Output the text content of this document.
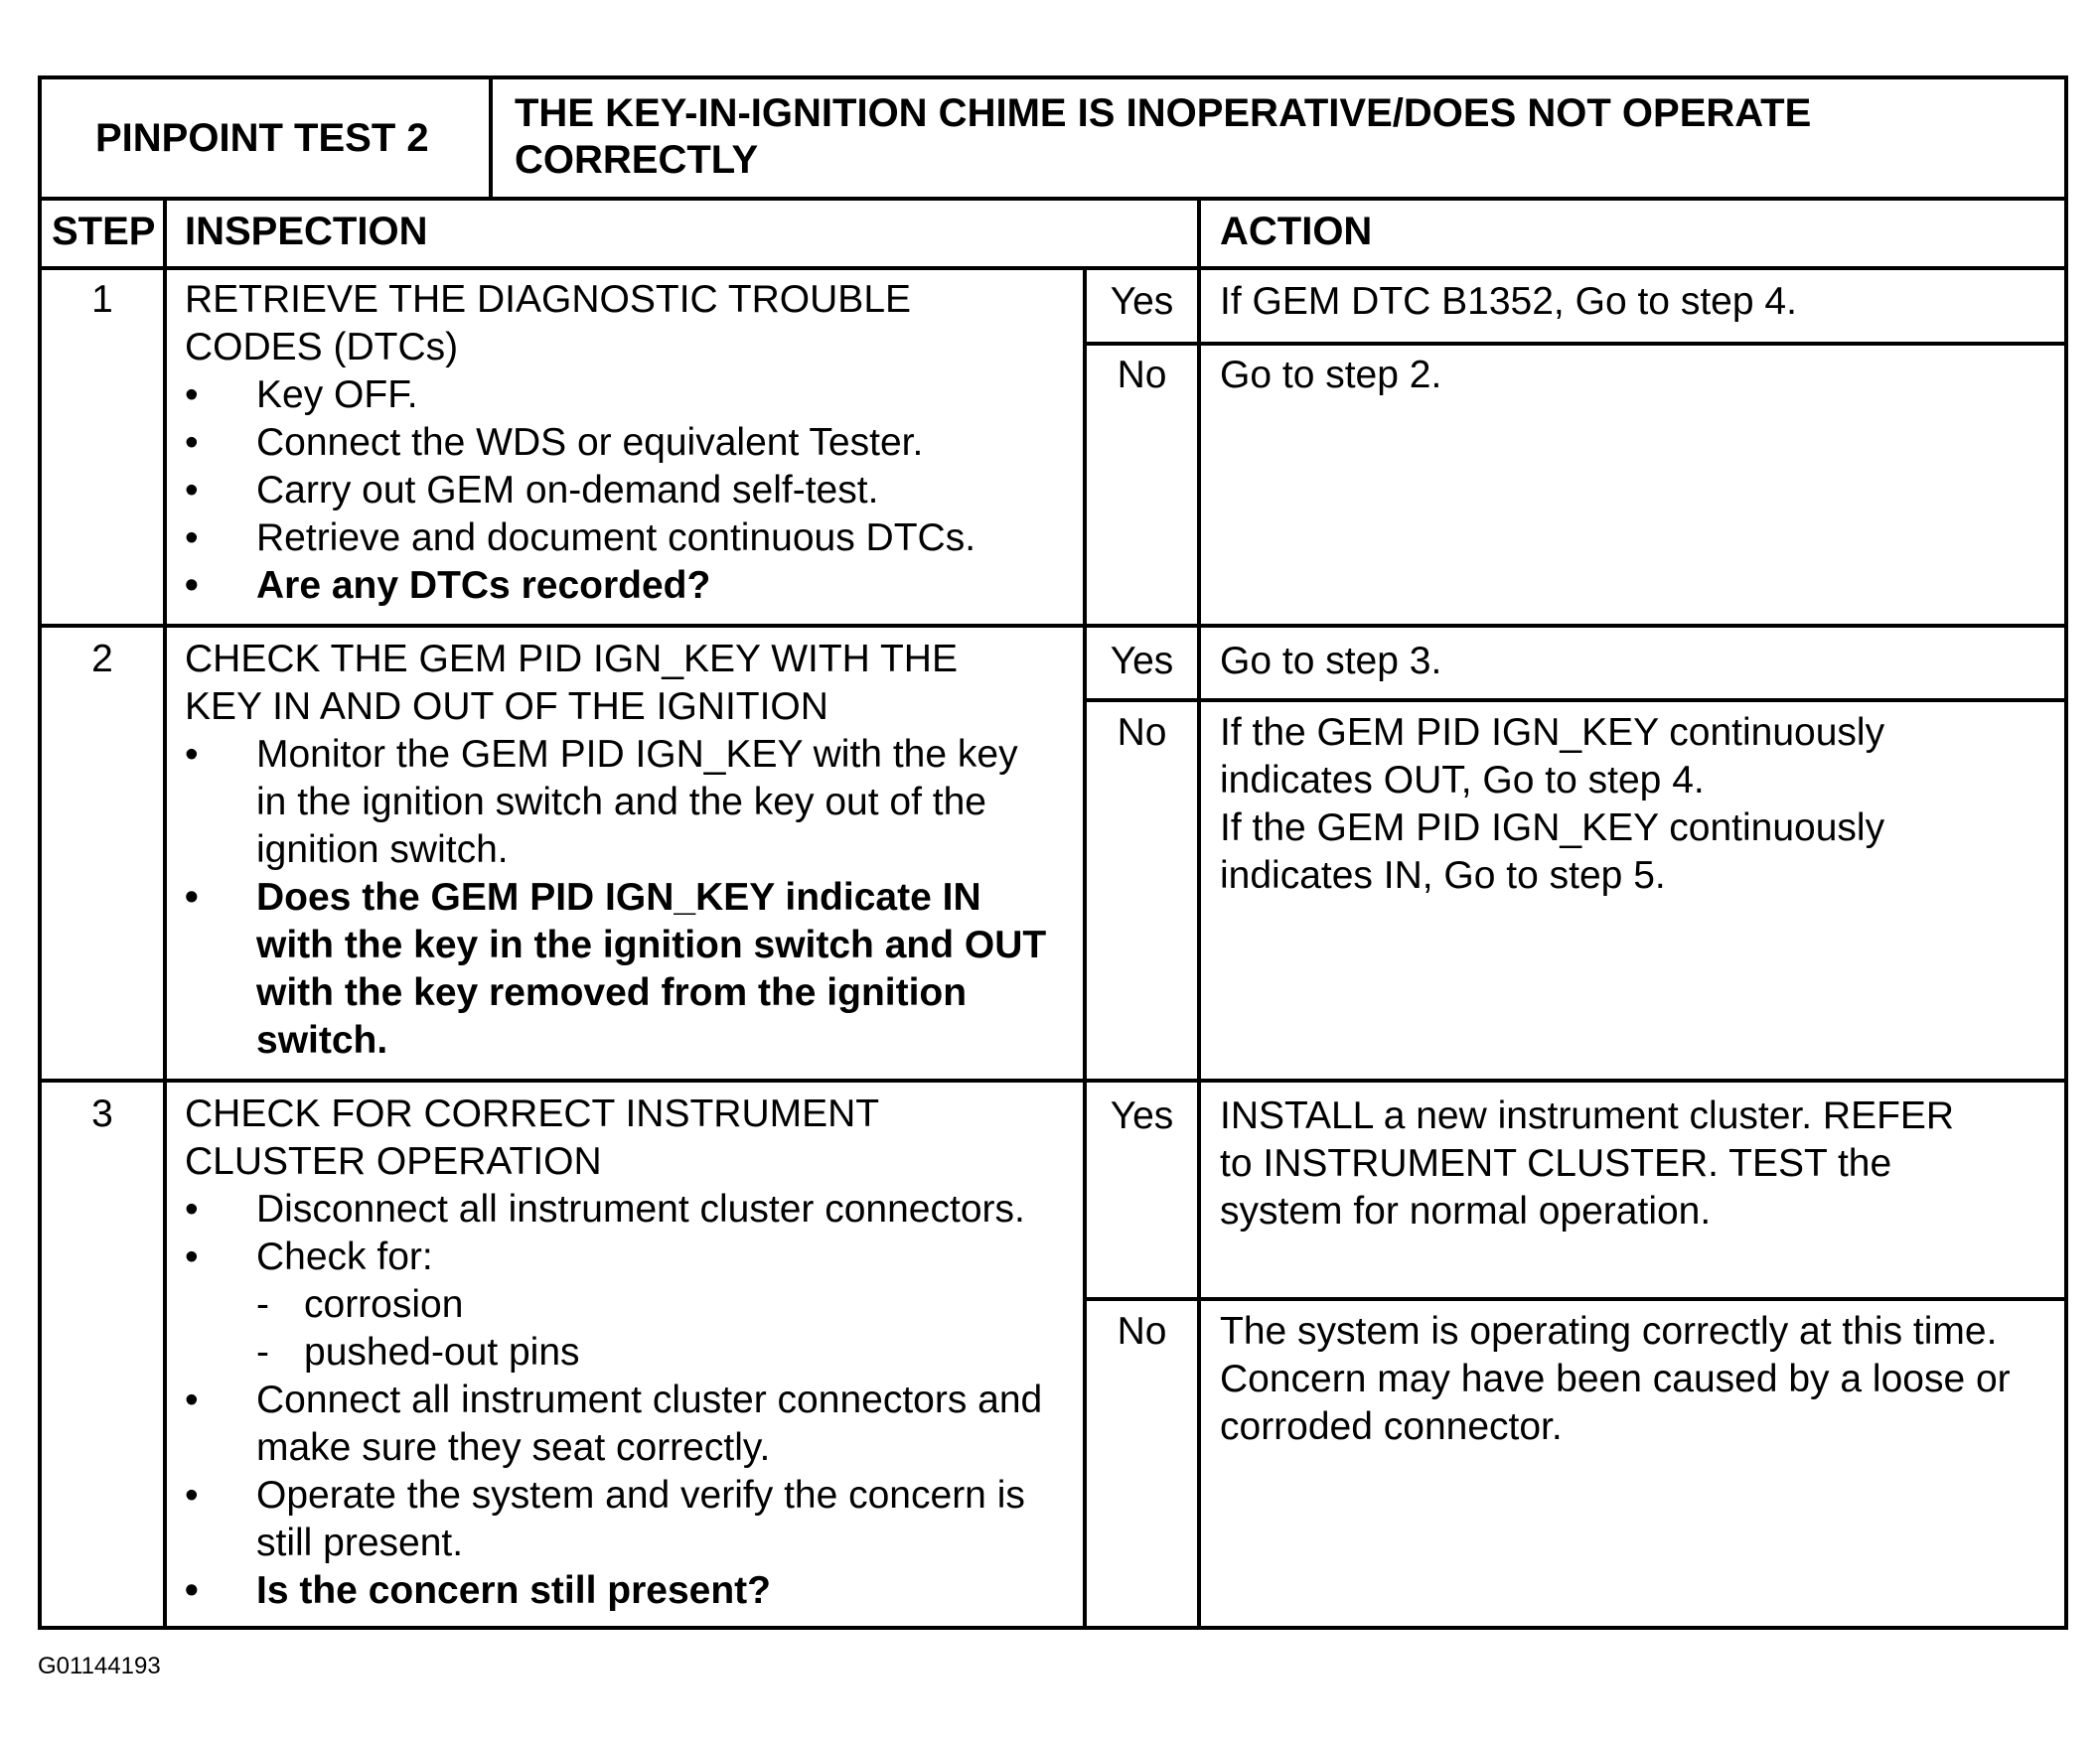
PINPOINT TEST 2
THE KEY-IN-IGNITION CHIME IS INOPERATIVE/DOES NOT OPERATE
CORRECTLY
STEP INSPECTION	ACTION
1	RETRIEVE THE DIAGNOSTIC TROUBLE
CODES (DTCs)
•	Key OFF.
•	Connect the WDS or equivalent Tester.
•	Carry out GEM on-demand self-test.
•	Retrieve and document continuous DTCs.
•	Are any DTCs recorded?
Yes	If GEM DTC B1352, Go to step 4.
No	Go to step 2.
2	CHECK THE GEM PID IGN_KEY WITH THE
KEY IN AND OUT OF THE IGNITION
•	Monitor the GEM PID IGN_KEY with the key
in the ignition switch and the key out of the
ignition switch.
•	Does the GEM PID IGN_KEY indicate IN
with the key in the ignition switch and OUT
with the key removed from the ignition
switch.
Yes	Go to step 3.
No	If the GEM PID IGN_KEY continuously
indicates OUT, Go to step 4.
If the GEM PID IGN_KEY continuously
indicates IN, Go to step 5.
3	CHECK FOR CORRECT INSTRUMENT
CLUSTER OPERATION
•	Disconnect all instrument cluster connectors.
•	Check for:
- corrosion
- pushed-out pins
•	Connect all instrument cluster connectors and
make sure they seat correctly.
•	Operate the system and verify the concern is
still present.
•	Is the concern still present?
Yes	INSTALL a new instrument cluster. REFER
to INSTRUMENT CLUSTER. TEST the
system for normal operation.
No	The system is operating correctly at this time.
Concern may have been caused by a loose or
corroded connector.
G01144193
